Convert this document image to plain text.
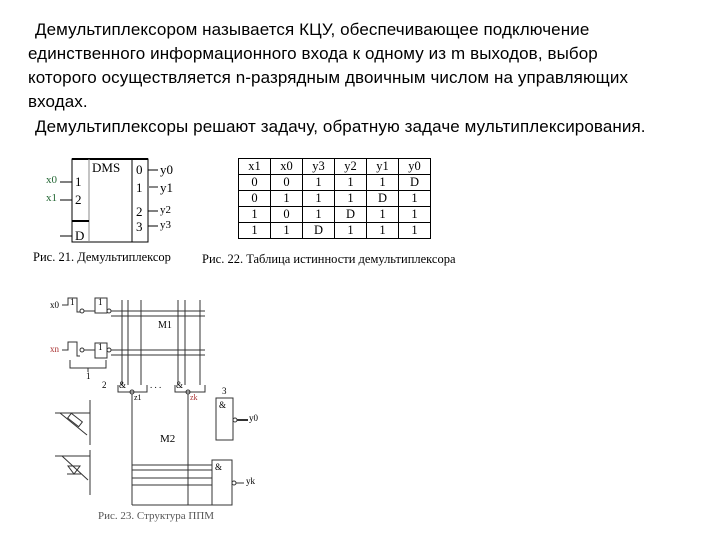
Демультиплексором называется КЦУ, обеспечивающее подключение
единственного информационного входа к одному из m выходов, выбор
которого осуществляется n-разрядным двоичным числом на управляющих
входах.
Демультиплексоры решают задачу, обратную задаче мультиплексирования.
DMS
x0
x1
1
2
D
0
1
2
3
y0
y1
y2
y3
Рис. 21. Демультиплексор
x1	x0	y3	y2	y1	y0
0	0	1	1	1	D
0	1	1	1	D	1
1	0	1	D	1	1
1	1	D	1	1	1
Рис. 22. Таблица истинности демультиплексора
x0
xn
1	1
1
1
M1
M2
2
3
&	&
&
&
. . .
z1	zk
y0
yk
Рис. 23. Структура ППМ
